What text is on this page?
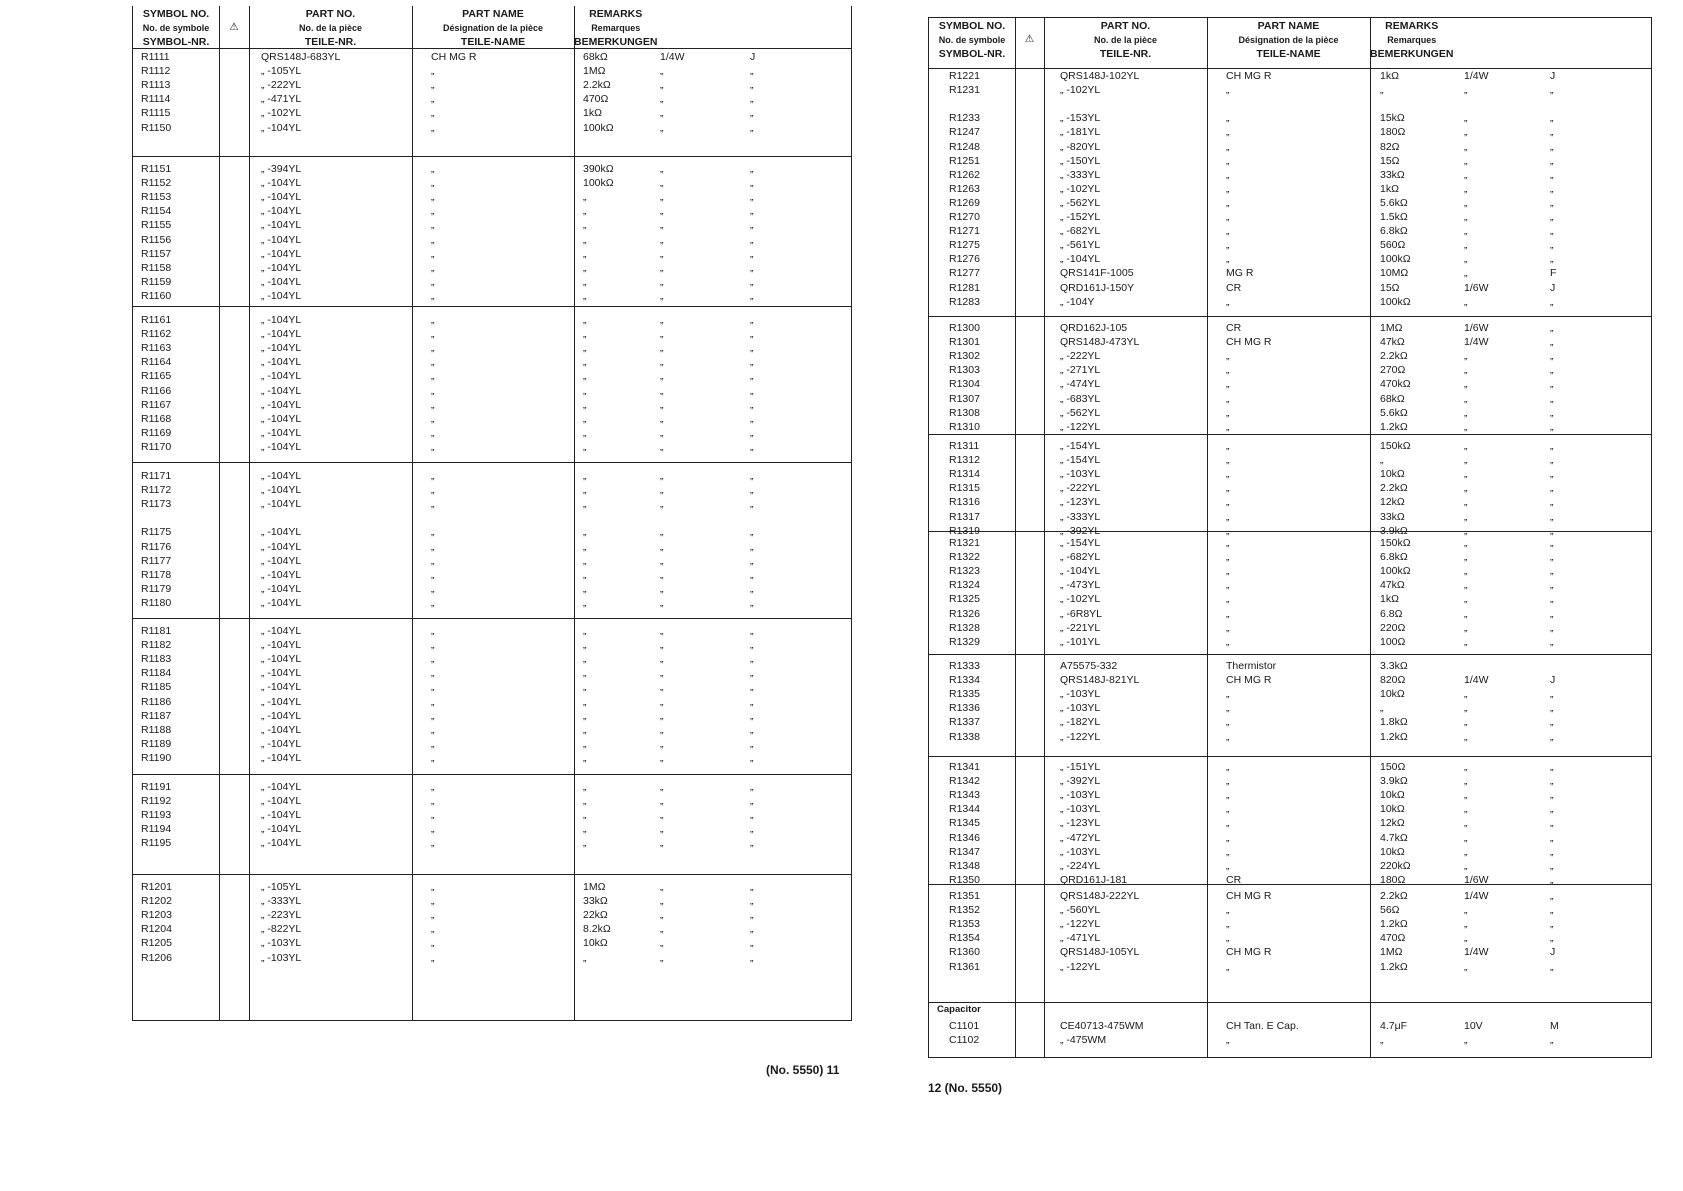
SYMBOL NO.
No. de symbole
SYMBOL-NR.
⚠
PART NO.
No. de la pièce
TEILE-NR.
PART NAME
Désignation de la pièce
TEILE-NAME
REMARKS
Remarques
BEMERKUNGEN
R1111	QRS148J-683YL	CH MG R	68kΩ	1/4W	J
R1112	„ -105YL	„	1MΩ	„	„
R1113	„ -222YL	„	2.2kΩ	„	„
R1114	„ -471YL	„	470Ω	„	„
R1115	„ -102YL	„	1kΩ	„	„
R1150	„ -104YL	„	100kΩ	„	„
R1151	„ -394YL	„	390kΩ	„	„
R1152	„ -104YL	„	100kΩ	„	„
R1153	„ -104YL	„	„	„	„
R1154	„ -104YL	„	„	„	„
R1155	„ -104YL	„	„	„	„
R1156	„ -104YL	„	„	„	„
R1157	„ -104YL	„	„	„	„
R1158	„ -104YL	„	„	„	„
R1159	„ -104YL	„	„	„	„
R1160	„ -104YL	„	„	„	„
R1161	„ -104YL	„	„	„	„
R1162	„ -104YL	„	„	„	„
R1163	„ -104YL	„	„	„	„
R1164	„ -104YL	„	„	„	„
R1165	„ -104YL	„	„	„	„
R1166	„ -104YL	„	„	„	„
R1167	„ -104YL	„	„	„	„
R1168	„ -104YL	„	„	„	„
R1169	„ -104YL	„	„	„	„
R1170	„ -104YL	„	„	„	„
R1171	„ -104YL	„	„	„	„
R1172	„ -104YL	„	„	„	„
R1173	„ -104YL	„	„	„	„
R1175	„ -104YL	„	„	„	„
R1176	„ -104YL	„	„	„	„
R1177	„ -104YL	„	„	„	„
R1178	„ -104YL	„	„	„	„
R1179	„ -104YL	„	„	„	„
R1180	„ -104YL	„	„	„	„
R1181	„ -104YL	„	„	„	„
R1182	„ -104YL	„	„	„	„
R1183	„ -104YL	„	„	„	„
R1184	„ -104YL	„	„	„	„
R1185	„ -104YL	„	„	„	„
R1186	„ -104YL	„	„	„	„
R1187	„ -104YL	„	„	„	„
R1188	„ -104YL	„	„	„	„
R1189	„ -104YL	„	„	„	„
R1190	„ -104YL	„	„	„	„
R1191	„ -104YL	„	„	„	„
R1192	„ -104YL	„	„	„	„
R1193	„ -104YL	„	„	„	„
R1194	„ -104YL	„	„	„	„
R1195	„ -104YL	„	„	„	„
R1201	„ -105YL	„	1MΩ	„	„
R1202	„ -333YL	„	33kΩ	„	„
R1203	„ -223YL	„	22kΩ	„	„
R1204	„ -822YL	„	8.2kΩ	„	„
R1205	„ -103YL	„	10kΩ	„	„
R1206	„ -103YL	„	„	„	„
(No. 5550) 11
SYMBOL NO.
No. de symbole
SYMBOL-NR.
⚠
PART NO.
No. de la pièce
TEILE-NR.
PART NAME
Désignation de la pièce
TEILE-NAME
REMARKS
Remarques
BEMERKUNGEN
R1221	QRS148J-102YL	CH MG R	1kΩ	1/4W	J
R1231	„ -102YL	„	„	„	„
R1233	„ -153YL	„	15kΩ	„	„
R1247	„ -181YL	„	180Ω	„	„
R1248	„ -820YL	„	82Ω	„	„
R1251	„ -150YL	„	15Ω	„	„
R1262	„ -333YL	„	33kΩ	„	„
R1263	„ -102YL	„	1kΩ	„	„
R1269	„ -562YL	„	5.6kΩ	„	„
R1270	„ -152YL	„	1.5kΩ	„	„
R1271	„ -682YL	„	6.8kΩ	„	„
R1275	„ -561YL	„	560Ω	„	„
R1276	„ -104YL	„	100kΩ	„	„
R1277	QRS141F-1005	MG R	10MΩ	„	F
R1281	QRD161J-150Y	CR	15Ω	1/6W	J
R1283	„ -104Y	„	100kΩ	„	„
R1300	QRD162J-105	CR	1MΩ	1/6W	„
R1301	QRS148J-473YL	CH MG R	47kΩ	1/4W	„
R1302	„ -222YL	„	2.2kΩ	„	„
R1303	„ -271YL	„	270Ω	„	„
R1304	„ -474YL	„	470kΩ	„	„
R1307	„ -683YL	„	68kΩ	„	„
R1308	„ -562YL	„	5.6kΩ	„	„
R1310	„ -122YL	„	1.2kΩ	„	„
R1311	„ -154YL	„	150kΩ	„	„
R1312	„ -154YL	„	„	„	„
R1314	„ -103YL	„	10kΩ	„	„
R1315	„ -222YL	„	2.2kΩ	„	„
R1316	„ -123YL	„	12kΩ	„	„
R1317	„ -333YL	„	33kΩ	„	„
R1319	„ -392YL	„	3.9kΩ	„	„
R1321	„ -154YL	„	150kΩ	„	„
R1322	„ -682YL	„	6.8kΩ	„	„
R1323	„ -104YL	„	100kΩ	„	„
R1324	„ -473YL	„	47kΩ	„	„
R1325	„ -102YL	„	1kΩ	„	„
R1326	„ -6R8YL	„	6.8Ω	„	„
R1328	„ -221YL	„	220Ω	„	„
R1329	„ -101YL	„	100Ω	„	„
R1333	A75575-332	Thermistor	3.3kΩ
R1334	QRS148J-821YL	CH MG R	820Ω	1/4W	J
R1335	„ -103YL	„	10kΩ	„	„
R1336	„ -103YL	„	„	„	„
R1337	„ -182YL	„	1.8kΩ	„	„
R1338	„ -122YL	„	1.2kΩ	„	„
R1341	„ -151YL	„	150Ω	„	„
R1342	„ -392YL	„	3.9kΩ	„	„
R1343	„ -103YL	„	10kΩ	„	„
R1344	„ -103YL	„	10kΩ	„	„
R1345	„ -123YL	„	12kΩ	„	„
R1346	„ -472YL	„	4.7kΩ	„	„
R1347	„ -103YL	„	10kΩ	„	„
R1348	„ -224YL	„	220kΩ	„	„
R1350	QRD161J-181	CR	180Ω	1/6W	„
R1351	QRS148J-222YL	CH MG R	2.2kΩ	1/4W	„
R1352	„ -560YL	„	56Ω	„	„
R1353	„ -122YL	„	1.2kΩ	„	„
R1354	„ -471YL	„	470Ω	„	„
R1360	QRS148J-105YL	CH MG R	1MΩ	1/4W	J
R1361	„ -122YL	„	1.2kΩ	„	„
Capacitor
C1101	CE40713-475WM	CH Tan. E Cap.	4.7μF	10V	M
C1102	„ -475WM	„	„	„	„
12 (No. 5550)
